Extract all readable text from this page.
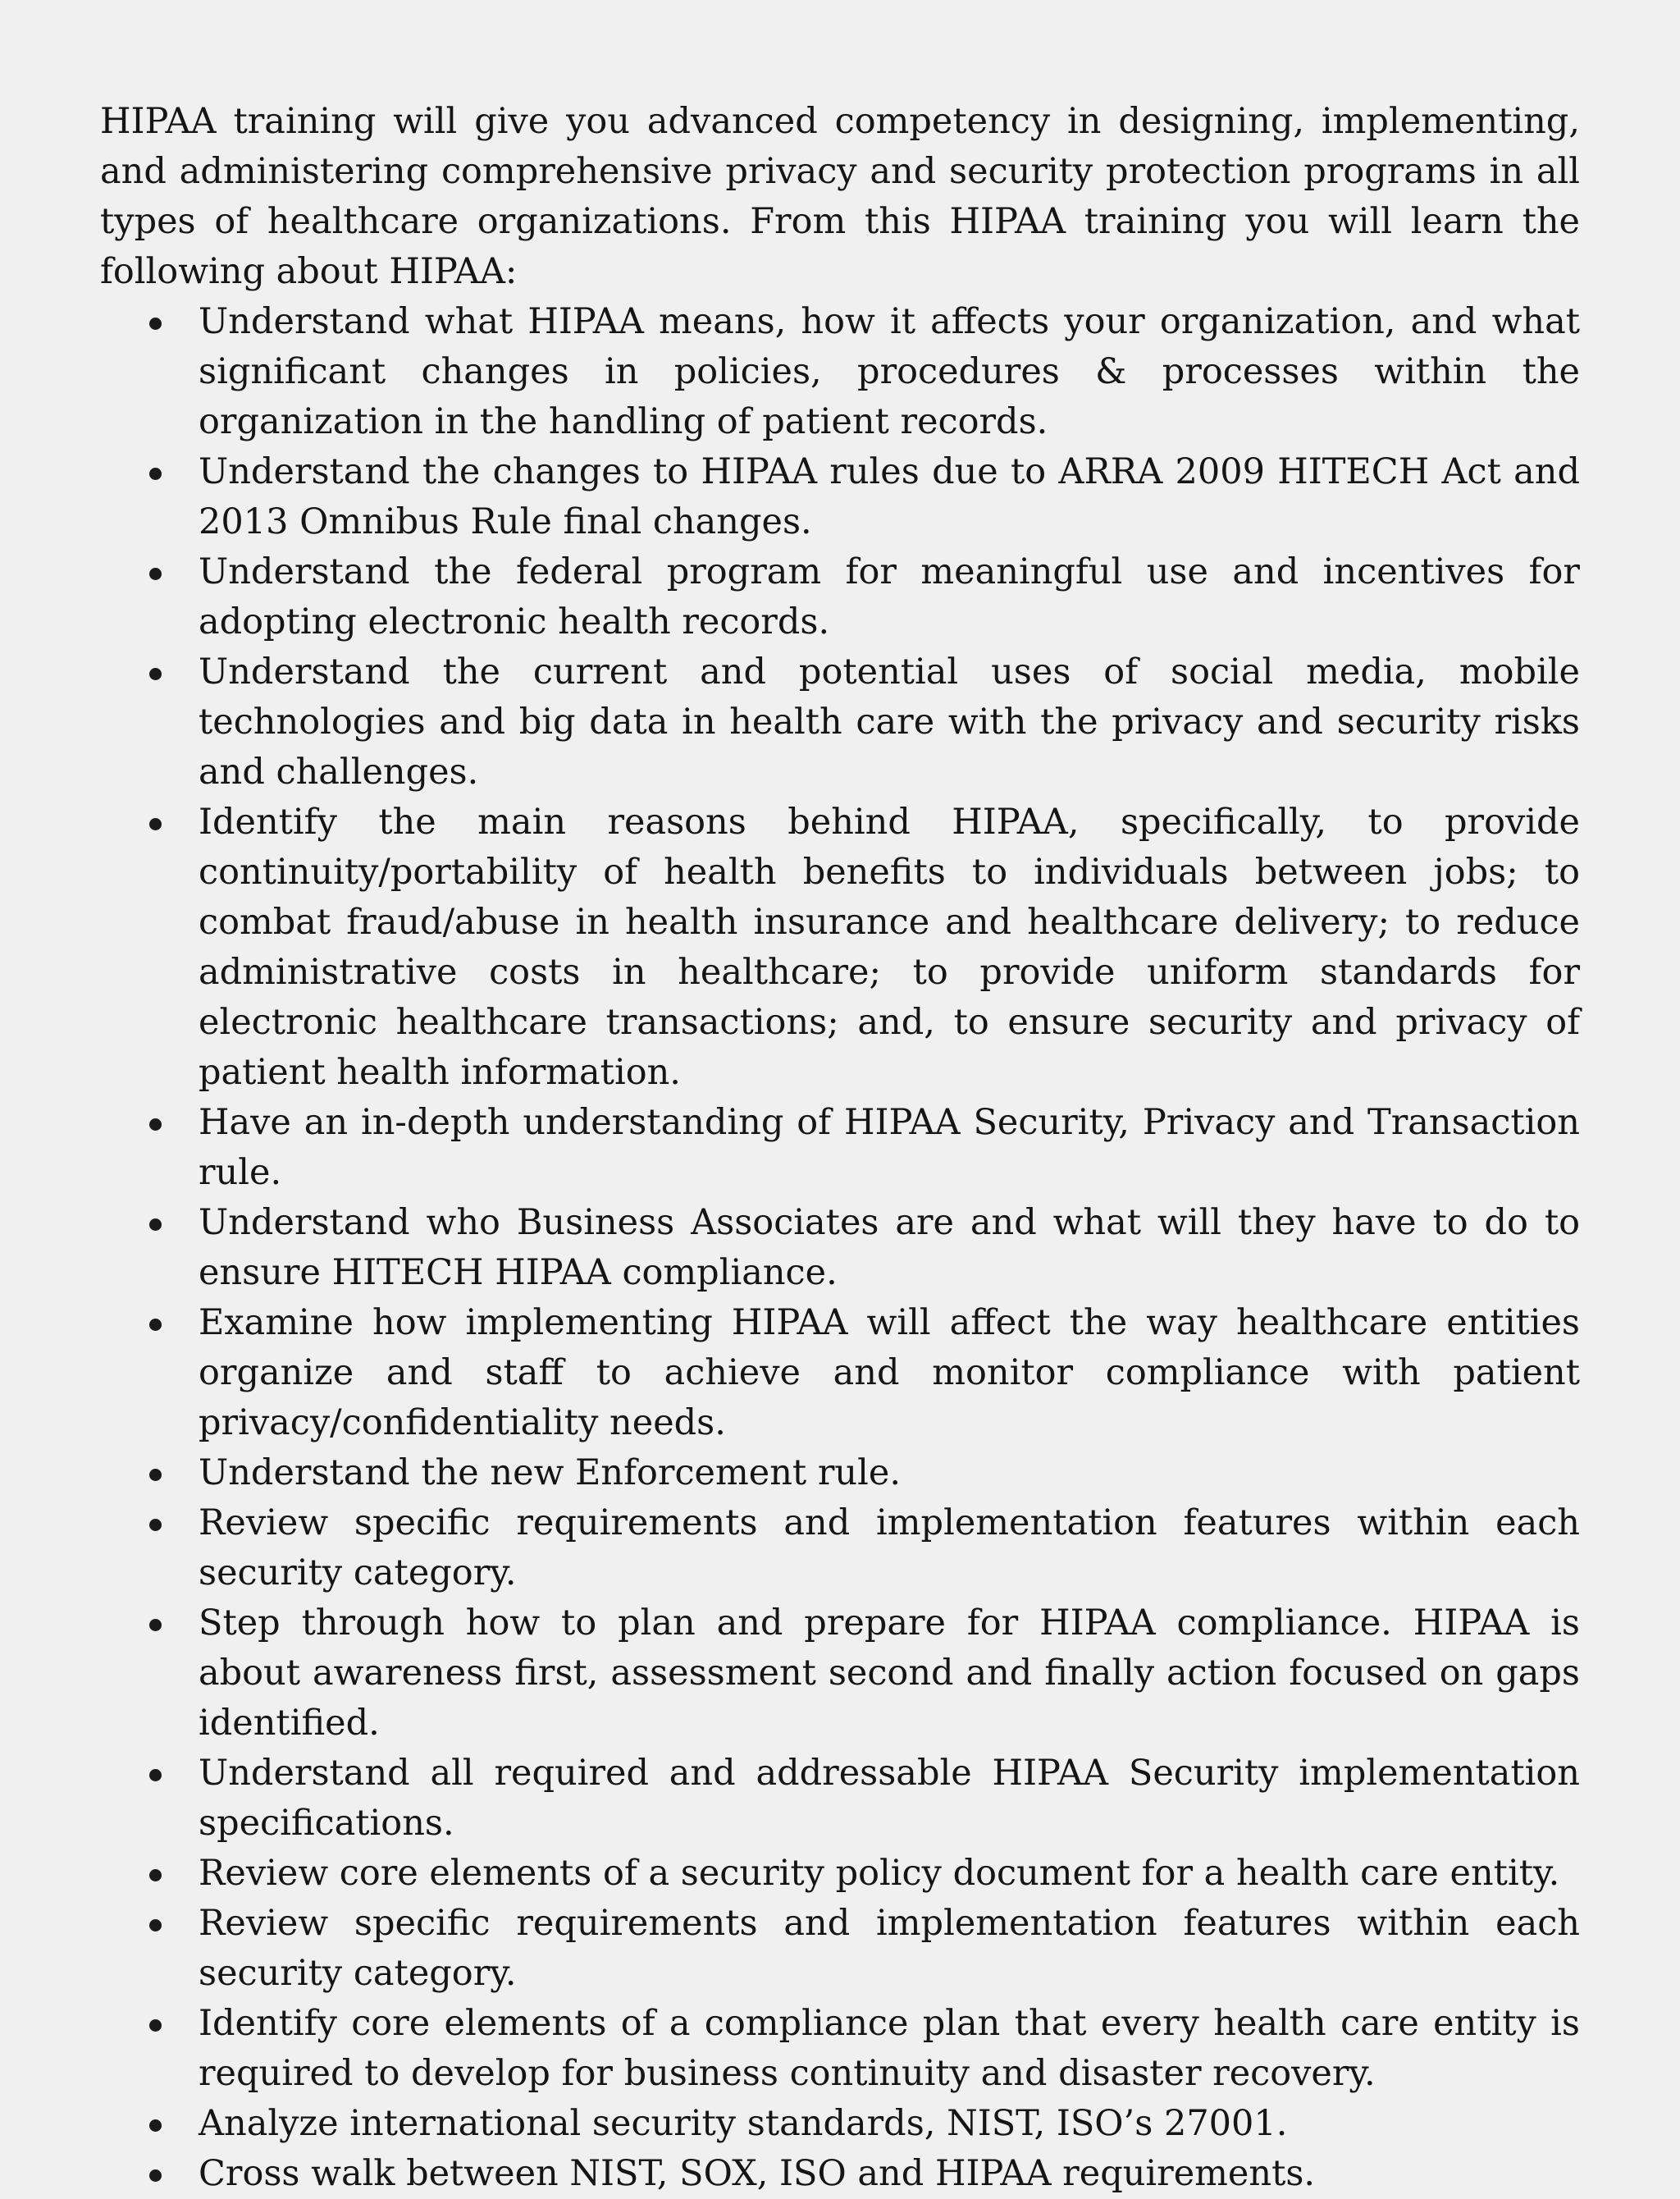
HIPAA training will give you advanced competency in designing, implementing, and administering comprehensive privacy and security protection programs in all types of healthcare organizations. From this HIPAA training you will learn the following about HIPAA:

Understand what HIPAA means, how it affects your organization, and what significant changes in policies, procedures & processes within the organization in the handling of patient records.
Understand the changes to HIPAA rules due to ARRA 2009 HITECH Act and 2013 Omnibus Rule final changes.
Understand the federal program for meaningful use and incentives for adopting electronic health records.
Understand the current and potential uses of social media, mobile technologies and big data in health care with the privacy and security risks and challenges.
Identify the main reasons behind HIPAA, specifically, to provide continuity/portability of health benefits to individuals between jobs; to combat fraud/abuse in health insurance and healthcare delivery; to reduce administrative costs in healthcare; to provide uniform standards for electronic healthcare transactions; and, to ensure security and privacy of patient health information.
Have an in-depth understanding of HIPAA Security, Privacy and Transaction rule.
Understand who Business Associates are and what will they have to do to ensure HITECH HIPAA compliance.
Examine how implementing HIPAA will affect the way healthcare entities organize and staff to achieve and monitor compliance with patient privacy/confidentiality needs.
Understand the new Enforcement rule.
Review specific requirements and implementation features within each security category.
Step through how to plan and prepare for HIPAA compliance. HIPAA is about awareness first, assessment second and finally action focused on gaps identified.
Understand all required and addressable HIPAA Security implementation specifications.
Review core elements of a security policy document for a health care entity.
Review specific requirements and implementation features within each security category.
Identify core elements of a compliance plan that every health care entity is required to develop for business continuity and disaster recovery.
Analyze international security standards, NIST, ISO’s 27001.
Cross walk between NIST, SOX, ISO and HIPAA requirements.
